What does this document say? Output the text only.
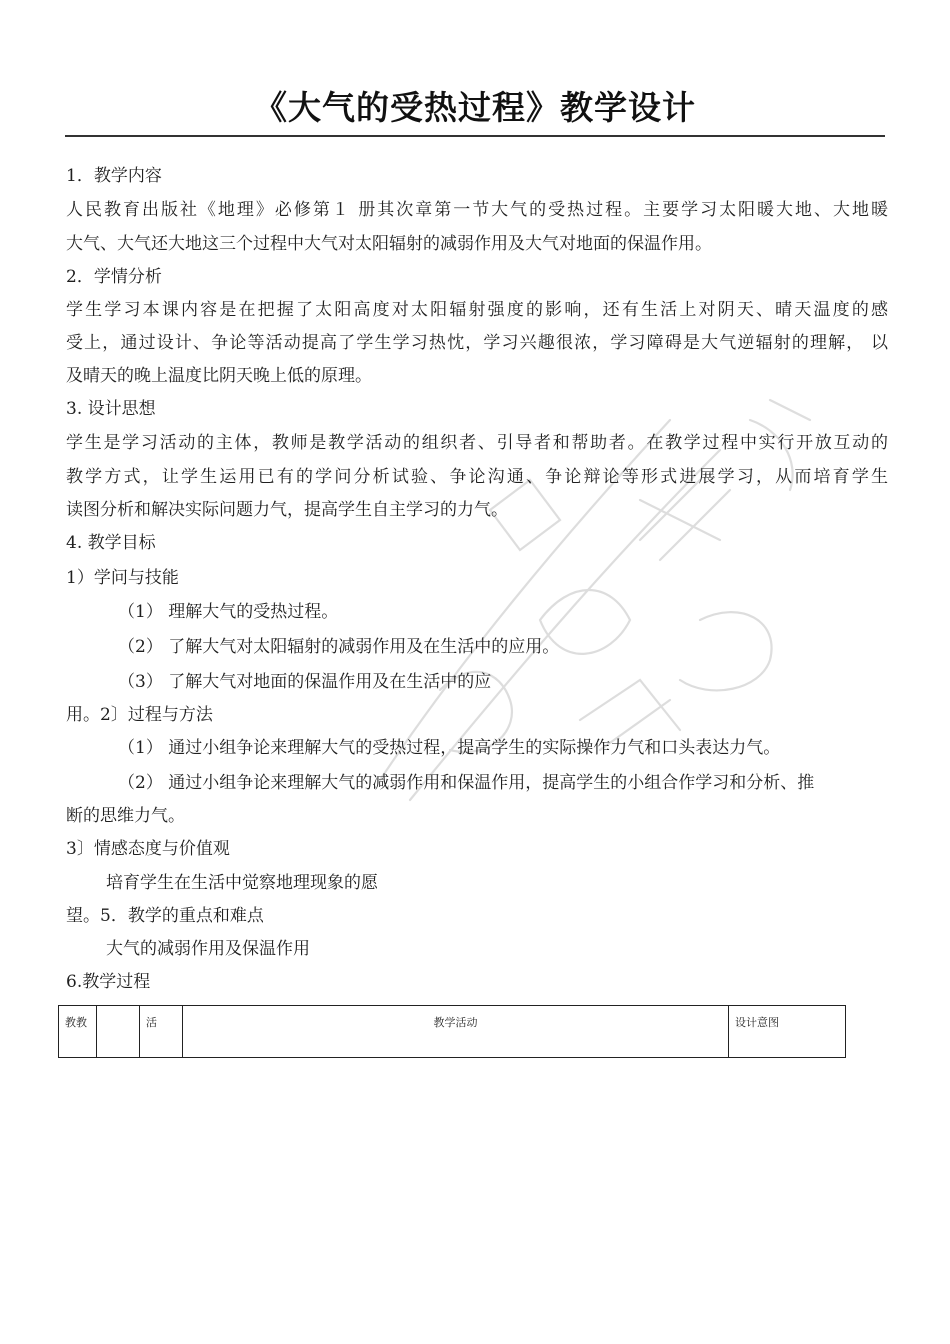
《大气的受热过程》教学设计
1．教学内容
人民教育出版社《地理》必修第１ 册其次章第一节大气的受热过程。主要学习太阳暖大地、大地暖
大气、大气还大地这三个过程中大气对太阳辐射的减弱作用及大气对地面的保温作用。
2．学情分析
学生学习本课内容是在把握了太阳高度对太阳辐射强度的影响，还有生活上对阴天、晴天温度的感
受上，通过设计、争论等活动提高了学生学习热忱，学习兴趣很浓，学习障碍是大气逆辐射的理解， 以
及晴天的晚上温度比阴天晚上低的原理。
3. 设计思想
学生是学习活动的主体，教师是教学活动的组织者、引导者和帮助者。在教学过程中实行开放互动的
教学方式，让学生运用已有的学问分析试验、争论沟通、争论辩论等形式进展学习，从而培育学生
读图分析和解决实际问题力气，提高学生自主学习的力气。
4. 教学目标
1）学问与技能
（1） 理解大气的受热过程。
（2） 了解大气对太阳辐射的减弱作用及在生活中的应用。
（3） 了解大气对地面的保温作用及在生活中的应
用。2〕过程与方法
（1） 通过小组争论来理解大气的受热过程，提高学生的实际操作力气和口头表达力气。
（2） 通过小组争论来理解大气的减弱作用和保温作用，提高学生的小组合作学习和分析、推
断的思维力气。
3〕情感态度与价值观
培育学生在生活中觉察地理现象的愿
望。5．教学的重点和难点
大气的减弱作用及保温作用
6.教学过程
教教		活	教学活动	设计意图
